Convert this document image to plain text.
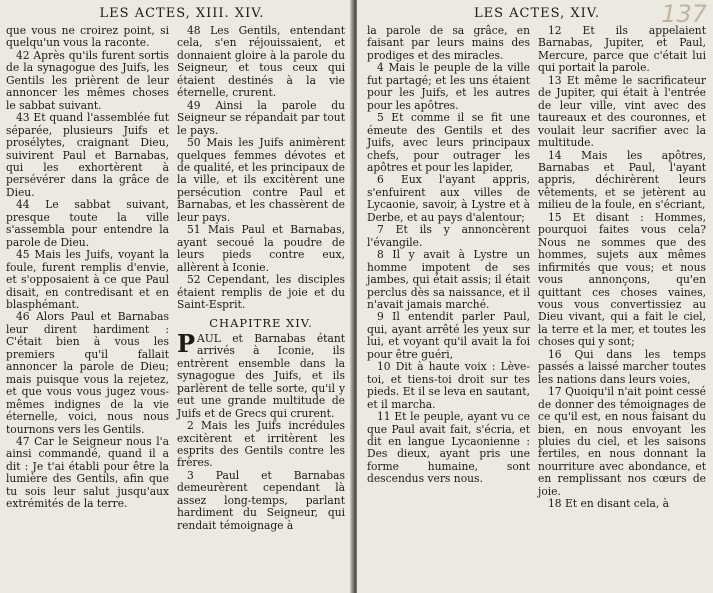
LES ACTES, XIII. XIV.

que vous ne croirez point, si quelqu'un vous la raconte.

42 Après qu'ils furent sortis de la synagogue des Juifs, les Gentils les prièrent de leur annoncer les mêmes choses le sabbat suivant.

43 Et quand l'assemblée fut séparée, plusieurs Juifs et prosélytes, craignant Dieu, suivirent Paul et Barnabas, qui les exhortèrent à persévérer dans la grâce de Dieu.

44 Le sabbat suivant, presque toute la ville s'assembla pour entendre la parole de Dieu.

45 Mais les Juifs, voyant la foule, furent remplis d'envie, et s'opposaient à ce que Paul disait, en contredisant et en blasphémant.

46 Alors Paul et Barnabas leur dirent hardiment : C'était bien à vous les premiers qu'il fallait annoncer la parole de Dieu; mais puisque vous la rejetez, et que vous vous jugez vous-mêmes indignes de la vie éternelle, voici, nous nous tournons vers les Gentils.

47 Car le Seigneur nous l'a ainsi commandé, quand il a dit : Je t'ai établi pour être la lumière des Gentils, afin que tu sois leur salut jusqu'aux extrémités de la terre.

48 Les Gentils, entendant cela, s'en réjouissaient, et donnaient gloire à la parole du Seigneur, et tous ceux qui étaient destinés à la vie éternelle, crurent.

49 Ainsi la parole du Seigneur se répandait par tout le pays.

50 Mais les Juifs animèrent quelques femmes dévotes et de qualité, et les principaux de la ville, et ils excitèrent une persécution contre Paul et Barnabas, et les chassèrent de leur pays.

51 Mais Paul et Barnabas, ayant secoué la poudre de leurs pieds contre eux, allèrent à Iconie.

52 Cependant, les disciples étaient remplis de joie et du Saint-Esprit.

CHAPITRE XIV.

PAUL et Barnabas étant arrivés à Iconie, ils entrèrent ensemble dans la synagogue des Juifs, et ils parlèrent de telle sorte, qu'il y eut une grande multitude de Juifs et de Grecs qui crurent.

2 Mais les Juifs incrédules excitèrent et irritèrent les esprits des Gentils contre les frères.

3 Paul et Barnabas demeurèrent cependant là assez long-temps, parlant hardiment du Seigneur, qui rendait témoignage à

LES ACTES, XIV.	137

la parole de sa grâce, en faisant par leurs mains des prodiges et des miracles.

4 Mais le peuple de la ville fut partagé; et les uns étaient pour les Juifs, et les autres pour les apôtres.

5 Et comme il se fit une émeute des Gentils et des Juifs, avec leurs principaux chefs, pour outrager les apôtres et pour les lapider,

6 Eux l'ayant appris, s'enfuirent aux villes de Lycaonie, savoir, à Lystre et à Derbe, et au pays d'alentour;

7 Et ils y annoncèrent l'évangile.

8 Il y avait à Lystre un homme impotent de ses jambes, qui était assis; il était perclus dès sa naissance, et il n'avait jamais marché.

9 Il entendit parler Paul, qui, ayant arrêté les yeux sur lui, et voyant qu'il avait la foi pour être guéri,

10 Dit à haute voix : Lève-toi, et tiens-toi droit sur tes pieds. Et il se leva en sautant, et il marcha.

11 Et le peuple, ayant vu ce que Paul avait fait, s'écria, et dit en langue Lycaonienne : Des dieux, ayant pris une forme humaine, sont descendus vers nous.

12 Et ils appelaient Barnabas, Jupiter, et Paul, Mercure, parce que c'était lui qui portait la parole.

13 Et même le sacrificateur de Jupiter, qui était à l'entrée de leur ville, vint avec des taureaux et des couronnes, et voulait leur sacrifier avec la multitude.

14 Mais les apôtres, Barnabas et Paul, l'ayant appris, déchirèrent leurs vêtements, et se jetèrent au milieu de la foule, en s'écriant,

15 Et disant : Hommes, pourquoi faites vous cela? Nous ne sommes que des hommes, sujets aux mêmes infirmités que vous; et nous vous annonçons, qu'en quittant ces choses vaines, vous vous convertissiez au Dieu vivant, qui a fait le ciel, la terre et la mer, et toutes les choses qui y sont;

16 Qui dans les temps passés a laissé marcher toutes les nations dans leurs voies,

17 Quoiqu'il n'ait point cessé de donner des témoignages de ce qu'il est, en nous faisant du bien, en nous envoyant les pluies du ciel, et les saisons fertiles, en nous donnant la nourriture avec abondance, et en remplissant nos cœurs de joie.

18 Et en disant cela, à
